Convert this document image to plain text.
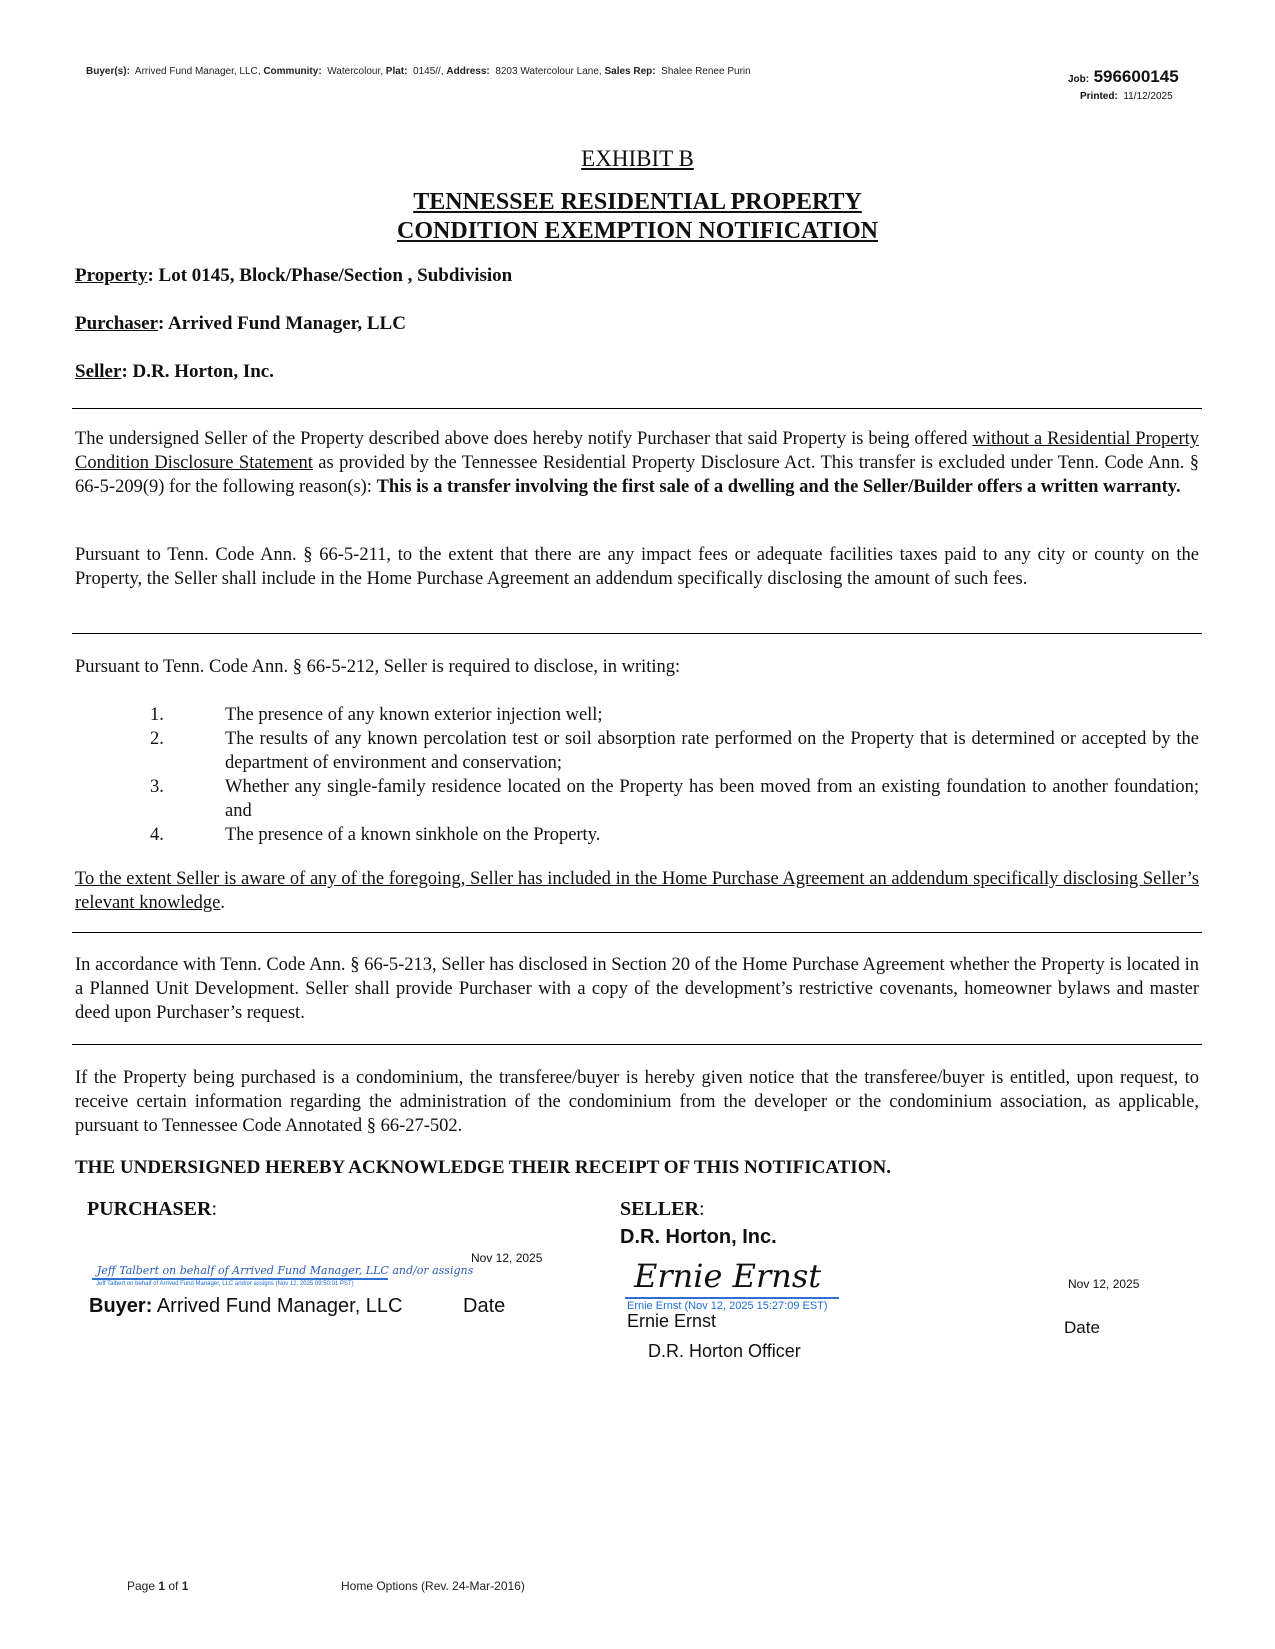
Buyer(s): Arrived Fund Manager, LLC, Community: Watercolour, Plat: 0145//, Address: 8203 Watercolour Lane, Sales Rep: Shalee Renee Purin
Job: 596600145
Printed: 11/12/2025
EXHIBIT B
TENNESSEE RESIDENTIAL PROPERTY
CONDITION EXEMPTION NOTIFICATION
Property: Lot 0145, Block/Phase/Section , Subdivision
Purchaser: Arrived Fund Manager, LLC
Seller: D.R. Horton, Inc.
The undersigned Seller of the Property described above does hereby notify Purchaser that said Property is being offered without a Residential Property Condition Disclosure Statement as provided by the Tennessee Residential Property Disclosure Act. This transfer is excluded under Tenn. Code Ann. § 66-5-209(9) for the following reason(s): This is a transfer involving the first sale of a dwelling and the Seller/Builder offers a written warranty.
Pursuant to Tenn. Code Ann. § 66-5-211, to the extent that there are any impact fees or adequate facilities taxes paid to any city or county on the Property, the Seller shall include in the Home Purchase Agreement an addendum specifically disclosing the amount of such fees.
Pursuant to Tenn. Code Ann. § 66-5-212, Seller is required to disclose, in writing:
1.	The presence of any known exterior injection well;
2.	The results of any known percolation test or soil absorption rate performed on the Property that is determined or accepted by the department of environment and conservation;
3.	Whether any single-family residence located on the Property has been moved from an existing foundation to another foundation; and
4.	The presence of a known sinkhole on the Property.
To the extent Seller is aware of any of the foregoing, Seller has included in the Home Purchase Agreement an addendum specifically disclosing Seller’s relevant knowledge.
In accordance with Tenn. Code Ann. § 66-5-213, Seller has disclosed in Section 20 of the Home Purchase Agreement whether the Property is located in a Planned Unit Development. Seller shall provide Purchaser with a copy of the development’s restrictive covenants, homeowner bylaws and master deed upon Purchaser’s request.
If the Property being purchased is a condominium, the transferee/buyer is hereby given notice that the transferee/buyer is entitled, upon request, to receive certain information regarding the administration of the condominium from the developer or the condominium association, as applicable, pursuant to Tennessee Code Annotated § 66-27-502.
THE UNDERSIGNED HEREBY ACKNOWLEDGE THEIR RECEIPT OF THIS NOTIFICATION.
PURCHASER:
Nov 12, 2025
Jeff Talbert on behalf of Arrived Fund Manager, LLC and/or assigns
Jeff Talbert on behalf of Arrived Fund Manager, LLC and/or assigns (Nov 12, 2025 09:50:01 PST)
Buyer: Arrived Fund Manager, LLC	Date
SELLER:
D.R. Horton, Inc.
Ernie Ernst
Ernie Ernst (Nov 12, 2025 15:27:09 EST)
Ernie Ernst
D.R. Horton Officer
Nov 12, 2025
Date
Page 1 of 1	Home Options (Rev. 24-Mar-2016)
